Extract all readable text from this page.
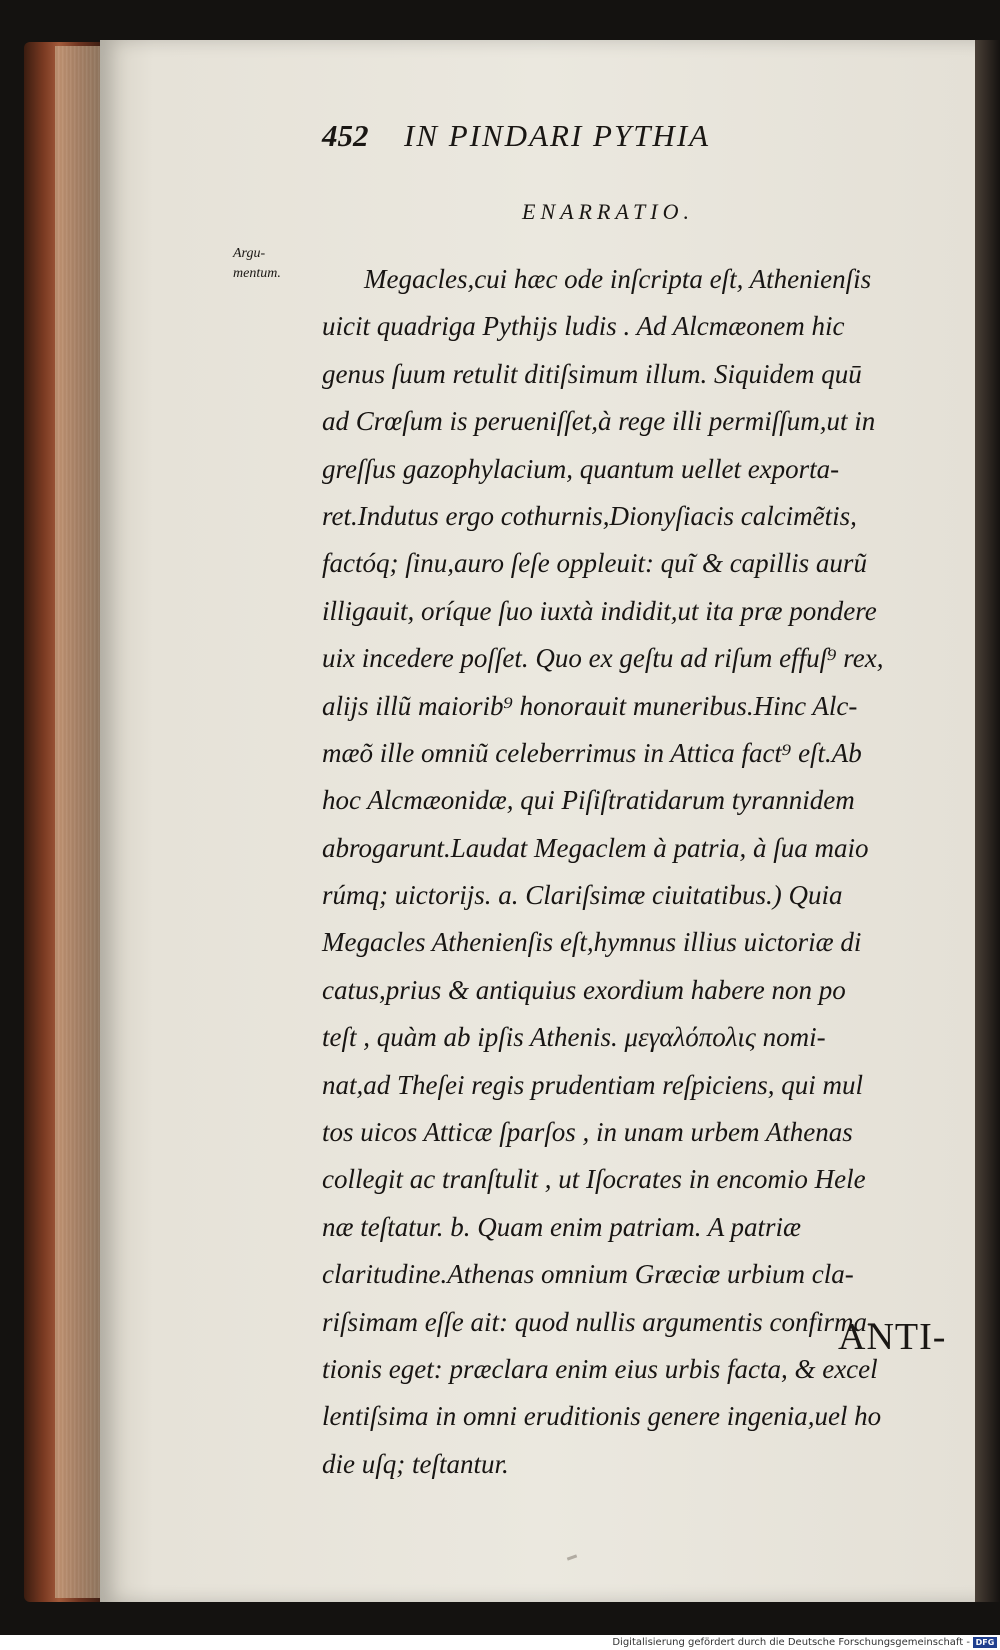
452 IN PINDARI PYTHIA
ENARRATIO.
Argu-
mentum.	Megacles,cui hæc ode inſcripta eſt, Athenienſis
uicit quadriga Pythijs ludis . Ad Alcmæonem hic
genus ſuum retulit ditiſsimum illum. Siquidem quū
ad Crœſum is perueniſſet,à rege illi permiſſum,ut in
greſſus gazophylacium, quantum uellet exporta-
ret.Indutus ergo cothurnis,Dionyſiacis calcimẽtis,
factóq; ſinu,auro ſeſe oppleuit: quĩ & capillis aurũ
illigauit, oríque ſuo iuxtà indidit,ut ita præ pondere
uix incedere poſſet. Quo ex geſtu ad riſum effuſ⁹ rex,
alijs illũ maiorib⁹ honorauit muneribus.Hinc Alc-
mæõ ille omniũ celeberrimus in Attica fact⁹ eſt.Ab
hoc Alcmæonidæ, qui Piſiſtratidarum tyrannidem
abrogarunt.Laudat Megaclem à patria, à ſua maio
rúmq; uictorijs. a. Clariſsimæ ciuitatibus.) Quia
Megacles Athenienſis eſt,hymnus illius uictoriæ di
catus,prius & antiquius exordium habere non po
teſt , quàm ab ipſis Athenis. μεγαλόπολις nomi-
nat,ad Theſei regis prudentiam reſpiciens, qui mul
tos uicos Atticæ ſparſos , in unam urbem Athenas
collegit ac tranſtulit , ut Iſocrates in encomio Hele
næ teſtatur. b. Quam enim patriam. A patriæ
claritudine.Athenas omnium Græciæ urbium cla-
riſsimam eſſe ait: quod nullis argumentis confirma-
tionis eget: præclara enim eius urbis facta, & excel
lentiſsima in omni eruditionis genere ingenia,uel ho
die uſq; teſtantur.
ANTI-
Digitalisierung gefördert durch die Deutsche Forschungsgemeinschaft - DFG
